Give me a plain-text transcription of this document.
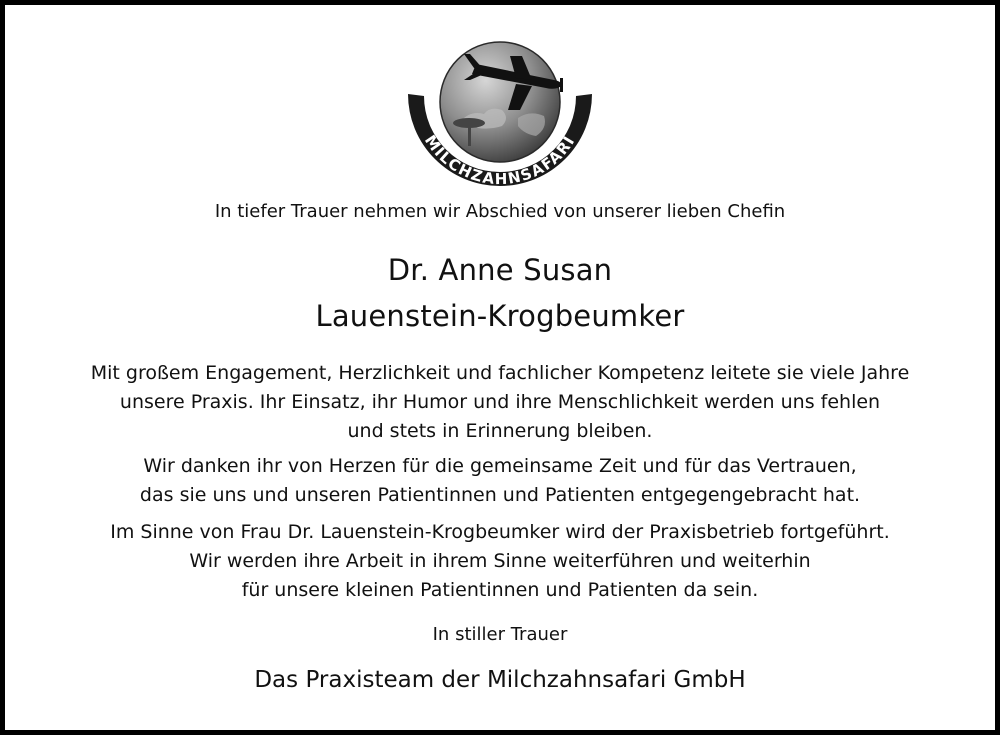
MILCHZAHNSAFARI
In tiefer Trauer nehmen wir Abschied von unserer lieben Chefin
Dr. Anne Susan
Lauenstein-Krogbeumker
Mit großem Engagement, Herzlichkeit und fachlicher Kompetenz leitete sie viele Jahre
unsere Praxis. Ihr Einsatz, ihr Humor und ihre Menschlichkeit werden uns fehlen
und stets in Erinnerung bleiben.
Wir danken ihr von Herzen für die gemeinsame Zeit und für das Vertrauen,
das sie uns und unseren Patientinnen und Patienten entgegengebracht hat.
Im Sinne von Frau Dr. Lauenstein-Krogbeumker wird der Praxisbetrieb fortgeführt.
Wir werden ihre Arbeit in ihrem Sinne weiterführen und weiterhin
für unsere kleinen Patientinnen und Patienten da sein.
In stiller Trauer
Das Praxisteam der Milchzahnsafari GmbH
